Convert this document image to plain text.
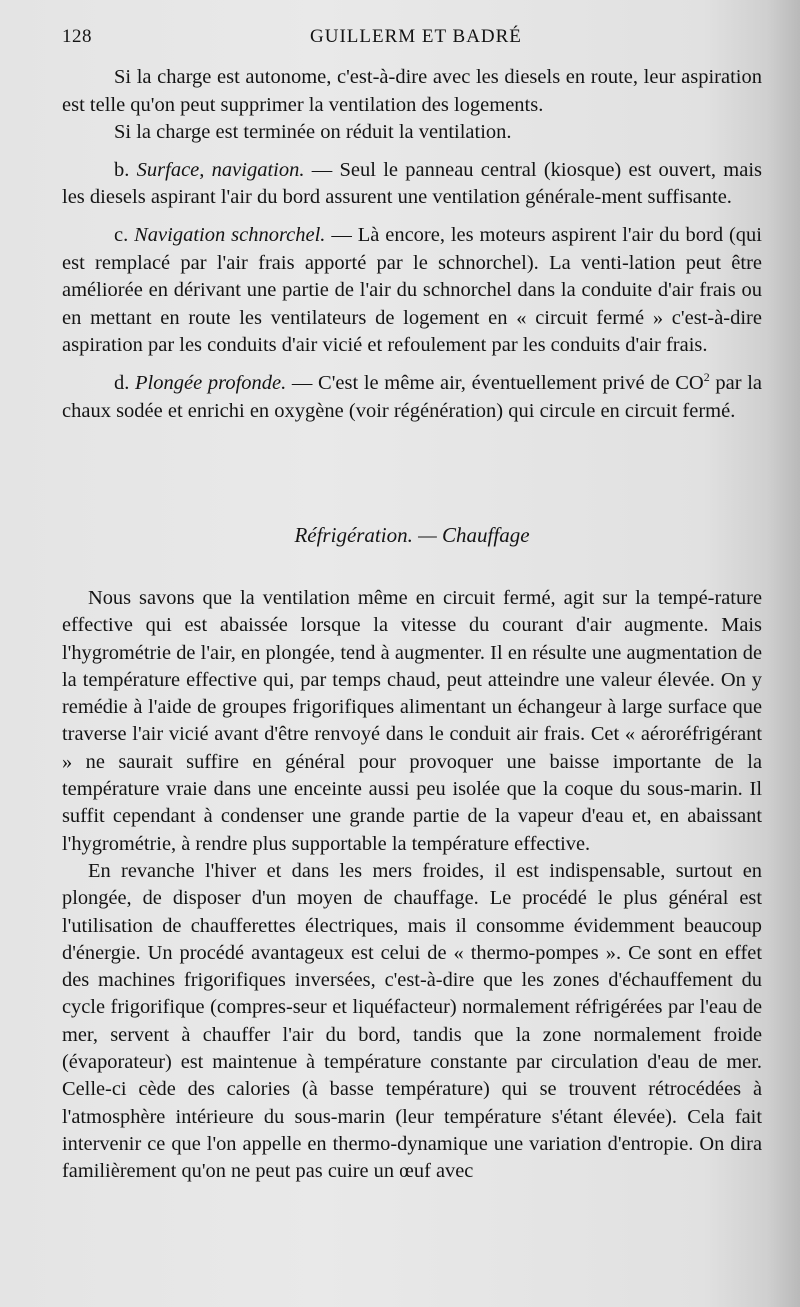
128	GUILLERM ET BADRÉ

Si la charge est autonome, c'est-à-dire avec les diesels en route, leur aspiration est telle qu'on peut supprimer la ventilation des logements.

Si la charge est terminée on réduit la ventilation.

b. Surface, navigation. — Seul le panneau central (kiosque) est ouvert, mais les diesels aspirant l'air du bord assurent une ventilation générale-ment suffisante.

c. Navigation schnorchel. — Là encore, les moteurs aspirent l'air du bord (qui est remplacé par l'air frais apporté par le schnorchel). La venti-lation peut être améliorée en dérivant une partie de l'air du schnorchel dans la conduite d'air frais ou en mettant en route les ventilateurs de logement en « circuit fermé » c'est-à-dire aspiration par les conduits d'air vicié et refoulement par les conduits d'air frais.

d. Plongée profonde. — C'est le même air, éventuellement privé de $CO^2$ par la chaux sodée et enrichi en oxygène (voir régénération) qui circule en circuit fermé.

Réfrigération. — Chauffage

Nous savons que la ventilation même en circuit fermé, agit sur la tempé-rature effective qui est abaissée lorsque la vitesse du courant d'air augmente. Mais l'hygrométrie de l'air, en plongée, tend à augmenter. Il en résulte une augmentation de la température effective qui, par temps chaud, peut atteindre une valeur élevée. On y remédie à l'aide de groupes frigorifiques alimentant un échangeur à large surface que traverse l'air vicié avant d'être renvoyé dans le conduit air frais. Cet « aéroréfrigérant » ne saurait suffire en général pour provoquer une baisse importante de la température vraie dans une enceinte aussi peu isolée que la coque du sous-marin. Il suffit cependant à condenser une grande partie de la vapeur d'eau et, en abaissant l'hygrométrie, à rendre plus supportable la température effective.

En revanche l'hiver et dans les mers froides, il est indispensable, surtout en plongée, de disposer d'un moyen de chauffage. Le procédé le plus général est l'utilisation de chaufferettes électriques, mais il consomme évidemment beaucoup d'énergie. Un procédé avantageux est celui de « thermo-pompes ». Ce sont en effet des machines frigorifiques inversées, c'est-à-dire que les zones d'échauffement du cycle frigorifique (compres-seur et liquéfacteur) normalement réfrigérées par l'eau de mer, servent à chauffer l'air du bord, tandis que la zone normalement froide (évaporateur) est maintenue à température constante par circulation d'eau de mer. Celle-ci cède des calories (à basse température) qui se trouvent rétrocédées à l'atmosphère intérieure du sous-marin (leur température s'étant élevée). Cela fait intervenir ce que l'on appelle en thermo-dynamique une variation d'entropie. On dira familièrement qu'on ne peut pas cuire un œuf avec
